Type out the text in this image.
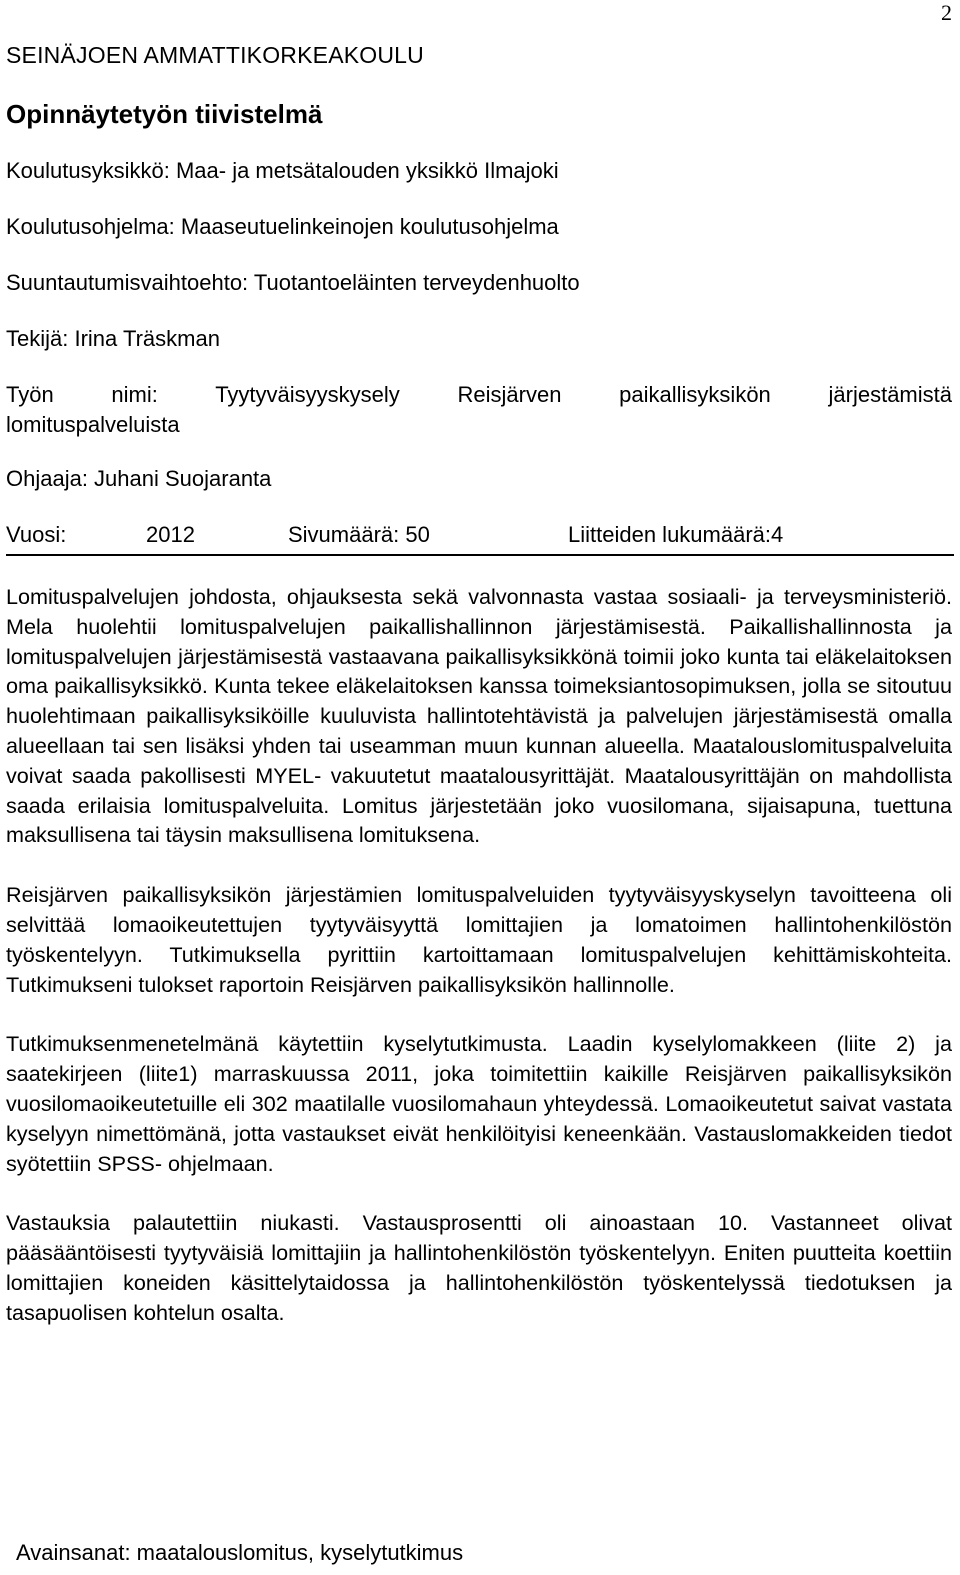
2
SEINÄJOEN AMMATTIKORKEAKOULU
Opinnäytetyön tiivistelmä
Koulutusyksikkö: Maa- ja metsätalouden yksikkö Ilmajoki
Koulutusohjelma: Maaseutuelinkeinojen koulutusohjelma
Suuntautumisvaihtoehto: Tuotantoeläinten terveydenhuolto
Tekijä: Irina Träskman
Työn nimi: Tyytyväisyyskysely Reisjärven paikallisyksikön järjestämistä
lomituspalveluista
Ohjaaja: Juhani Suojaranta
Vuosi:	2012	Sivumäärä: 50	Liitteiden lukumäärä:4

Lomituspalvelujen johdosta, ohjauksesta sekä valvonnasta vastaa sosiaali- ja terveysministeriö. Mela huolehtii lomituspalvelujen paikallishallinnon järjestämisestä. Paikallishallinnosta ja lomituspalvelujen järjestämisestä vastaavana paikallisyksikkönä toimii joko kunta tai eläkelaitoksen oma paikallisyksikkö. Kunta tekee eläkelaitoksen kanssa toimeksiantosopimuksen, jolla se sitoutuu huolehtimaan paikallisyksiköille kuuluvista hallintotehtävistä ja palvelujen järjestämisestä omalla alueellaan tai sen lisäksi yhden tai useamman muun kunnan alueella. Maatalouslomituspalveluita voivat saada pakollisesti MYEL- vakuutetut maatalousyrittäjät. Maatalousyrittäjän on mahdollista saada erilaisia lomituspalveluita. Lomitus järjestetään joko vuosilomana, sijaisapuna, tuettuna maksullisena tai täysin maksullisena lomituksena.

Reisjärven paikallisyksikön järjestämien lomituspalveluiden tyytyväisyyskyselyn tavoitteena oli selvittää lomaoikeutettujen tyytyväisyyttä lomittajien ja lomatoimen hallintohenkilöstön työskentelyyn. Tutkimuksella pyrittiin kartoittamaan lomituspalvelujen kehittämiskohteita. Tutkimukseni tulokset raportoin Reisjärven paikallisyksikön hallinnolle.

Tutkimuksenmenetelmänä käytettiin kyselytutkimusta. Laadin kyselylomakkeen (liite 2) ja saatekirjeen (liite1) marraskuussa 2011, joka toimitettiin kaikille Reisjärven paikallisyksikön vuosilomaoikeutetuille eli 302 maatilalle vuosilomahaun yhteydessä. Lomaoikeutetut saivat vastata kyselyyn nimettömänä, jotta vastaukset eivät henkilöityisi keneenkään. Vastauslomakkeiden tiedot syötettiin SPSS- ohjelmaan.

Vastauksia palautettiin niukasti. Vastausprosentti oli ainoastaan 10. Vastanneet olivat pääsääntöisesti tyytyväisiä lomittajiin ja hallintohenkilöstön työskentelyyn. Eniten puutteita koettiin lomittajien koneiden käsittelytaidossa ja hallintohenkilöstön työskentelyssä tiedotuksen ja tasapuolisen kohtelun osalta.

Avainsanat: maatalouslomitus, kyselytutkimus
